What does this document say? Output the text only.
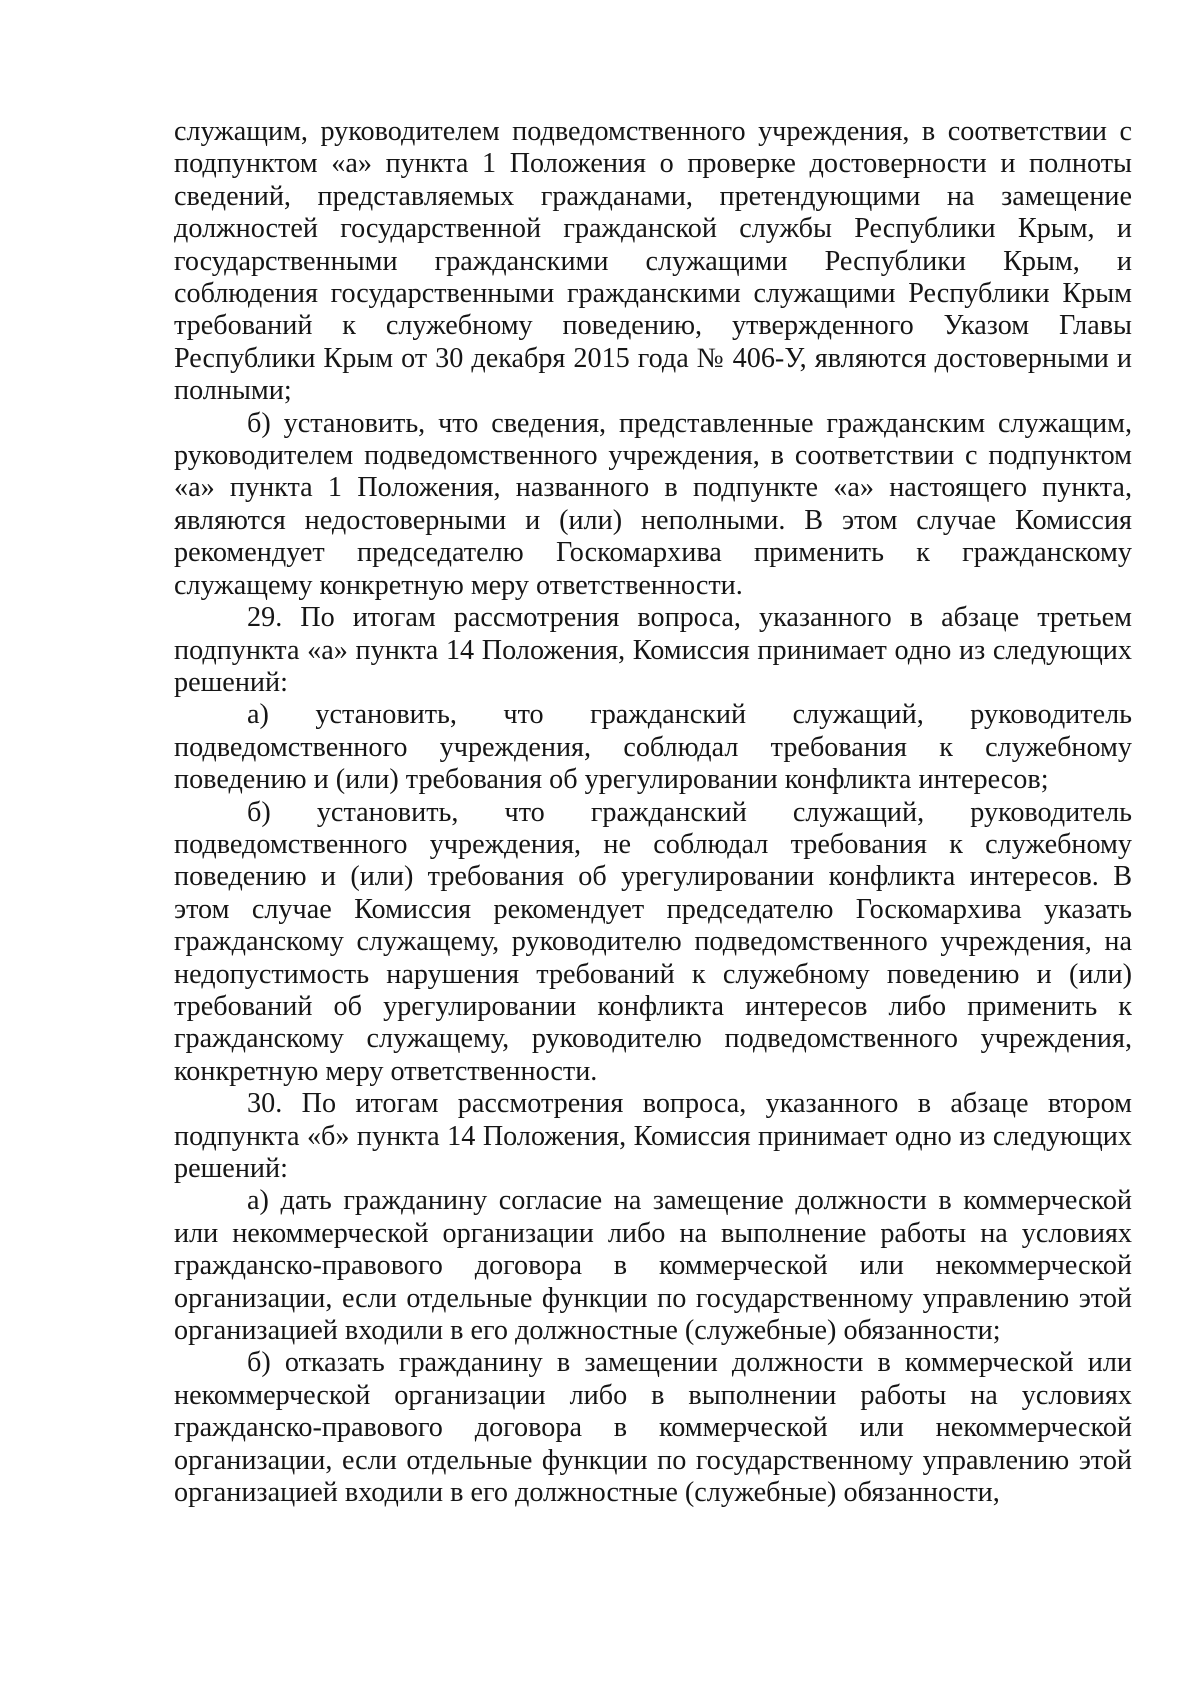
служащим, руководителем подведомственного учреждения, в соответствии с подпунктом «а» пункта 1 Положения о проверке достоверности и полноты сведений, представляемых гражданами, претендующими на замещение должностей государственной гражданской службы Республики Крым, и государственными гражданскими служащими Республики Крым, и соблюдения государственными гражданскими служащими Республики Крым требований к служебному поведению, утвержденного Указом Главы Республики Крым от 30 декабря 2015 года № 406-У, являются достоверными и полными;

б) установить, что сведения, представленные гражданским служащим, руководителем подведомственного учреждения, в соответствии с подпунктом «а» пункта 1 Положения, названного в подпункте «а» настоящего пункта, являются недостоверными и (или) неполными. В этом случае Комиссия рекомендует председателю Госкомархива применить к гражданскому служащему конкретную меру ответственности.

29. По итогам рассмотрения вопроса, указанного в абзаце третьем подпункта «а» пункта 14 Положения, Комиссия принимает одно из следующих решений:

а) установить, что гражданский служащий, руководитель подведомственного учреждения, соблюдал требования к служебному поведению и (или) требования об урегулировании конфликта интересов;

б) установить, что гражданский служащий, руководитель подведомственного учреждения, не соблюдал требования к служебному поведению и (или) требования об урегулировании конфликта интересов. В этом случае Комиссия рекомендует председателю Госкомархива указать гражданскому служащему, руководителю подведомственного учреждения, на недопустимость нарушения требований к служебному поведению и (или) требований об урегулировании конфликта интересов либо применить к гражданскому служащему, руководителю подведомственного учреждения, конкретную меру ответственности.

30. По итогам рассмотрения вопроса, указанного в абзаце втором подпункта «б» пункта 14 Положения, Комиссия принимает одно из следующих решений:

а) дать гражданину согласие на замещение должности в коммерческой или некоммерческой организации либо на выполнение работы на условиях гражданско-правового договора в коммерческой или некоммерческой организации, если отдельные функции по государственному управлению этой организацией входили в его должностные (служебные) обязанности;

б) отказать гражданину в замещении должности в коммерческой или некоммерческой организации либо в выполнении работы на условиях гражданско-правового договора в коммерческой или некоммерческой организации, если отдельные функции по государственному управлению этой организацией входили в его должностные (служебные) обязанности,
